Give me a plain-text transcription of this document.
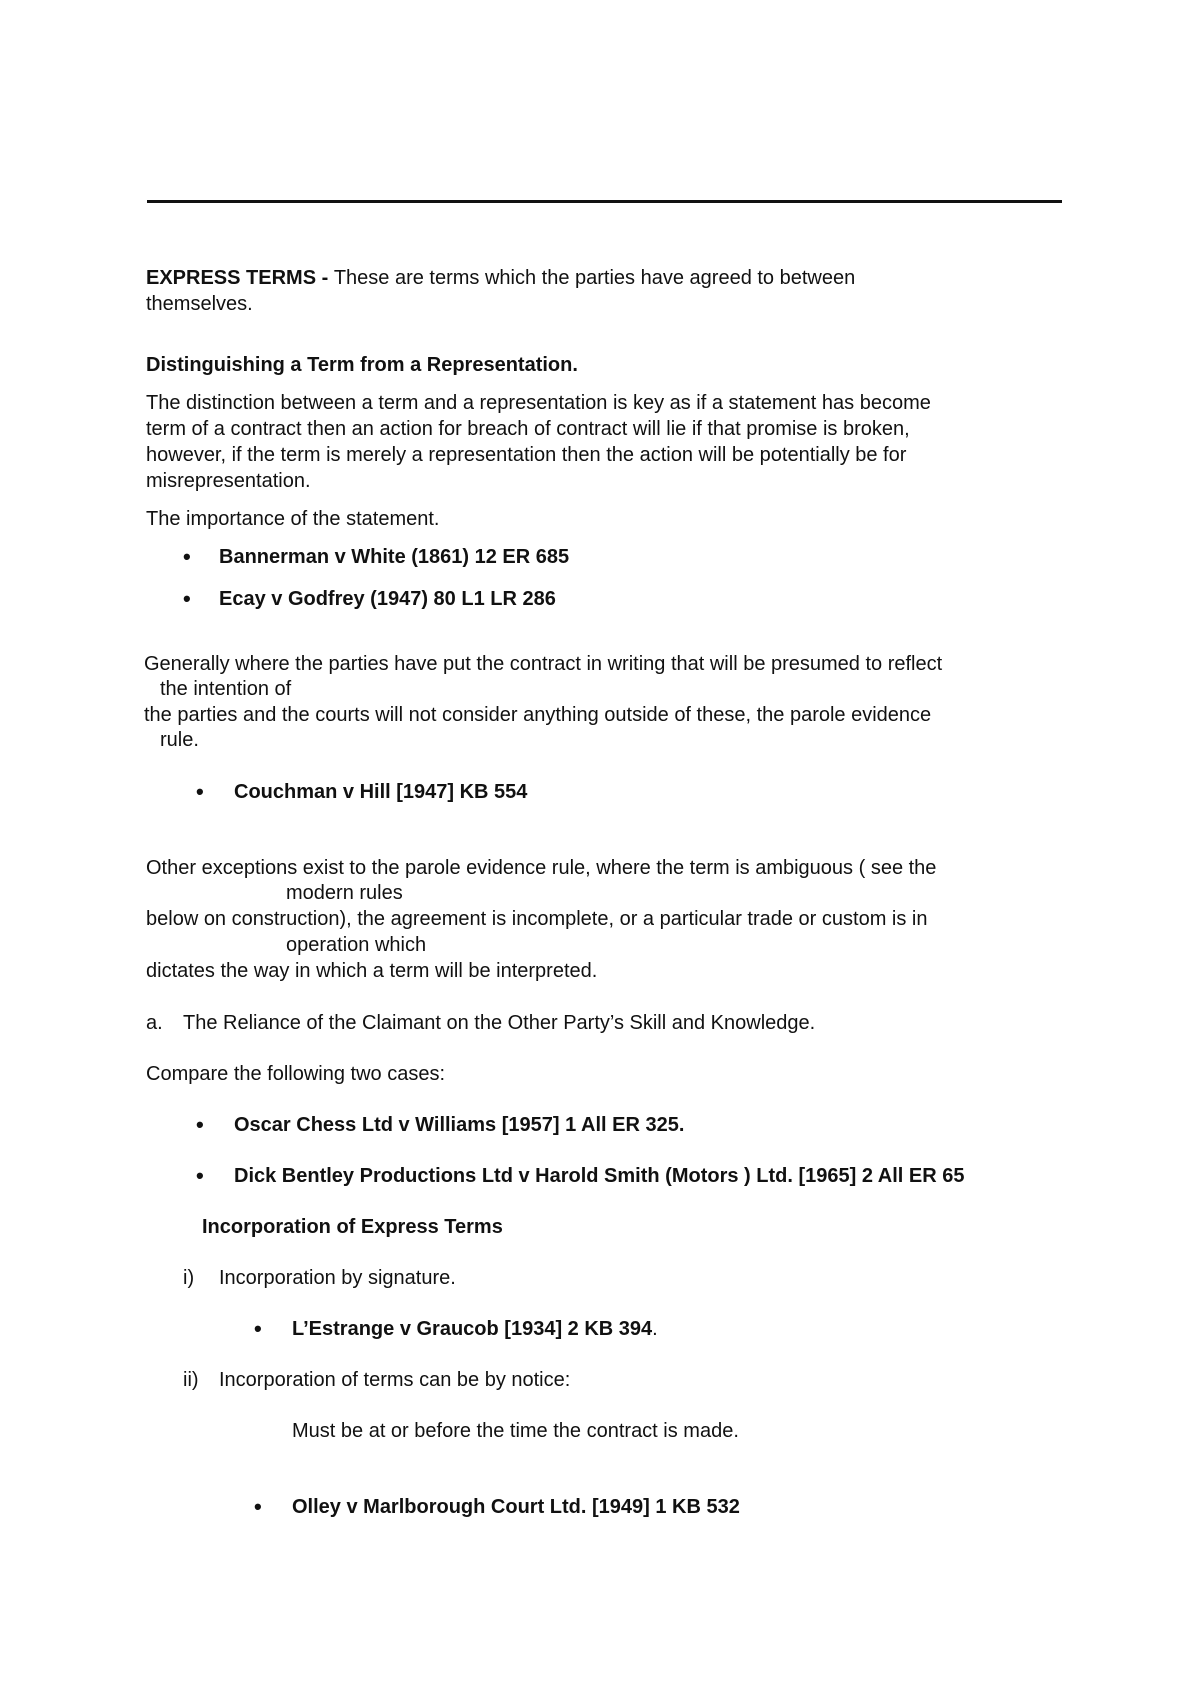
EXPRESS TERMS - These are terms which the parties have agreed to between
themselves.
Distinguishing a Term from a Representation.
The distinction between a term and a representation is key as if a statement has become
term of a contract then an action for breach of contract will lie if that promise is broken,
however, if the term is merely a representation then the action will be potentially be for
misrepresentation.
The importance of the statement.
• Bannerman v White (1861) 12 ER 685
• Ecay v Godfrey (1947) 80 L1 LR 286
Generally where the parties have put the contract in writing that will be presumed to reflect
the intention of
the parties and the courts will not consider anything outside of these, the parole evidence
rule.
• Couchman v Hill [1947] KB 554
Other exceptions exist to the parole evidence rule, where the term is ambiguous ( see the
modern rules
below on construction), the agreement is incomplete, or a particular trade or custom is in
operation which
dictates the way in which a term will be interpreted.
a. The Reliance of the Claimant on the Other Party’s Skill and Knowledge.
Compare the following two cases:
• Oscar Chess Ltd v Williams [1957] 1 All ER 325.
• Dick Bentley Productions Ltd v Harold Smith (Motors ) Ltd. [1965] 2 All ER 65
Incorporation of Express Terms
i) Incorporation by signature.
• L’Estrange v Graucob [1934] 2 KB 394.
ii) Incorporation of terms can be by notice:
Must be at or before the time the contract is made.
• Olley v Marlborough Court Ltd. [1949] 1 KB 532
